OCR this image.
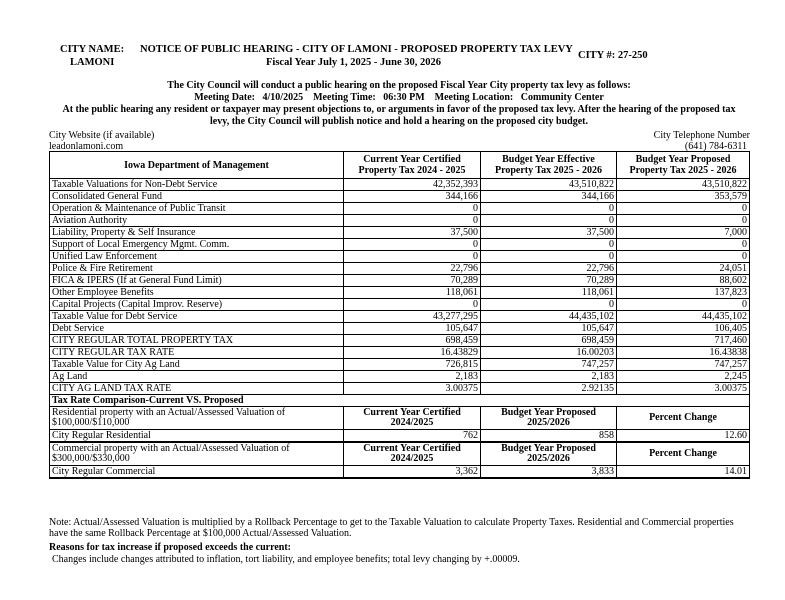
CITY NAME:
LAMONI
NOTICE OF PUBLIC HEARING - CITY OF LAMONI - PROPOSED PROPERTY TAX LEVY
Fiscal Year July 1, 2025 - June 30, 2026
CITY #: 27-250
The City Council will conduct a public hearing on the proposed Fiscal Year City property tax levy as follows:
Meeting Date: 4/10/2025 Meeting Time: 06:30 PM Meeting Location: Community Center
At the public hearing any resident or taxpayer may present objections to, or arguments in favor of the proposed tax levy. After the hearing of the proposed tax levy, the City Council will publish notice and hold a hearing on the proposed city budget.
City Website (if available)
leadonlamoni.com
City Telephone Number
(641) 784-6311
Iowa Department of Management	Current Year Certified Property Tax 2024 - 2025	Budget Year Effective Property Tax 2025 - 2026	Budget Year Proposed Property Tax 2025 - 2026
Taxable Valuations for Non-Debt Service	42,352,393	43,510,822	43,510,822
Consolidated General Fund	344,166	344,166	353,579
Operation & Maintenance of Public Transit	0	0	0
Aviation Authority	0	0	0
Liability, Property & Self Insurance	37,500	37,500	7,000
Support of Local Emergency Mgmt. Comm.	0	0	0
Unified Law Enforcement	0	0	0
Police & Fire Retirement	22,796	22,796	24,051
FICA & IPERS (If at General Fund Limit)	70,289	70,289	88,602
Other Employee Benefits	118,061	118,061	137,823
Capital Projects (Capital Improv. Reserve)	0	0	0
Taxable Value for Debt Service	43,277,295	44,435,102	44,435,102
Debt Service	105,647	105,647	106,405
CITY REGULAR TOTAL PROPERTY TAX	698,459	698,459	717,460
CITY REGULAR TAX RATE	16.43829	16.00203	16.43838
Taxable Value for City Ag Land	726,815	747,257	747,257
Ag Land	2,183	2,183	2,245
CITY AG LAND TAX RATE	3.00375	2.92135	3.00375
Tax Rate Comparison-Current VS. Proposed			
Residential property with an Actual/Assessed Valuation of $100,000/$110,000	Current Year Certified 2024/2025	Budget Year Proposed 2025/2026	Percent Change
City Regular Residential	762	858	12.60
Commercial property with an Actual/Assessed Valuation of $300,000/$330,000	Current Year Certified 2024/2025	Budget Year Proposed 2025/2026	Percent Change
City Regular Commercial	3,362	3,833	14.01
Note: Actual/Assessed Valuation is multiplied by a Rollback Percentage to get to the Taxable Valuation to calculate Property Taxes. Residential and Commercial properties have the same Rollback Percentage at $100,000 Actual/Assessed Valuation.
Reasons for tax increase if proposed exceeds the current:
Changes include changes attributed to inflation, tort liability, and employee benefits; total levy changing by +.00009.
